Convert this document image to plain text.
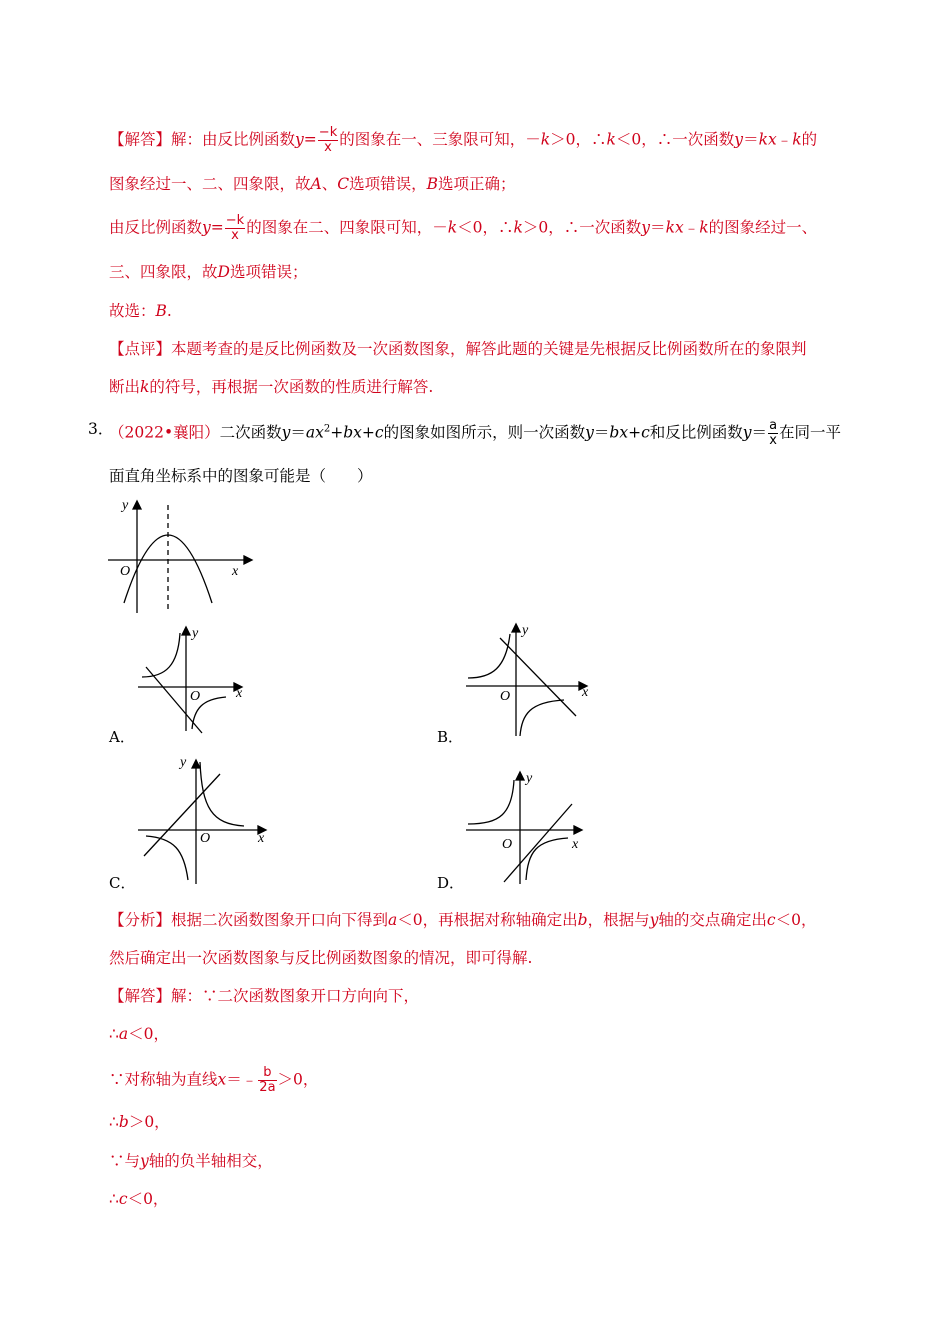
【解答】解：由反比例函数$y= \frac{-k}{x}$ 的图象在一、三象限可知，－k＞0，∴k＜0，∴一次函数y＝kx﹣k的
图象经过一、二、四象限，故A、C选项错误，B选项正确；
由反比例函数$y= \frac{-k}{x}$ 的图象在二、四象限可知，－k＜0，∴k＞0，∴一次函数y＝kx﹣k的图象经过一、
三、四象限，故D选项错误；
故选：B.
【点评】本题考查的是反比例函数及一次函数图象，解答此题的关键是先根据反比例函数所在的象限判
断出k的符号，再根据一次函数的性质进行解答.
3．
（2022•襄阳）二次函数$y=ax^2+bx+c$的图象如图所示，则一次函数y＝bx+c和反比例函数$y= \frac{a}{x}$ 在同一平
面直角坐标系中的图象可能是（　　）
y
x
O
y
x
O
A．
y
x
O
B．
y
x
O
C．
y
x
O
D．
【分析】根据二次函数图象开口向下得到a＜0，再根据对称轴确定出b，根据与y轴的交点确定出c＜0，
然后确定出一次函数图象与反比例函数图象的情况，即可得解.
【解答】解：∵二次函数图象开口方向向下，
∴a＜0，
∵对称轴为直线x＝﹣ $\frac{b}{2a} >0$，
∴b＞0，
∵与y轴的负半轴相交，
∴c＜0，
